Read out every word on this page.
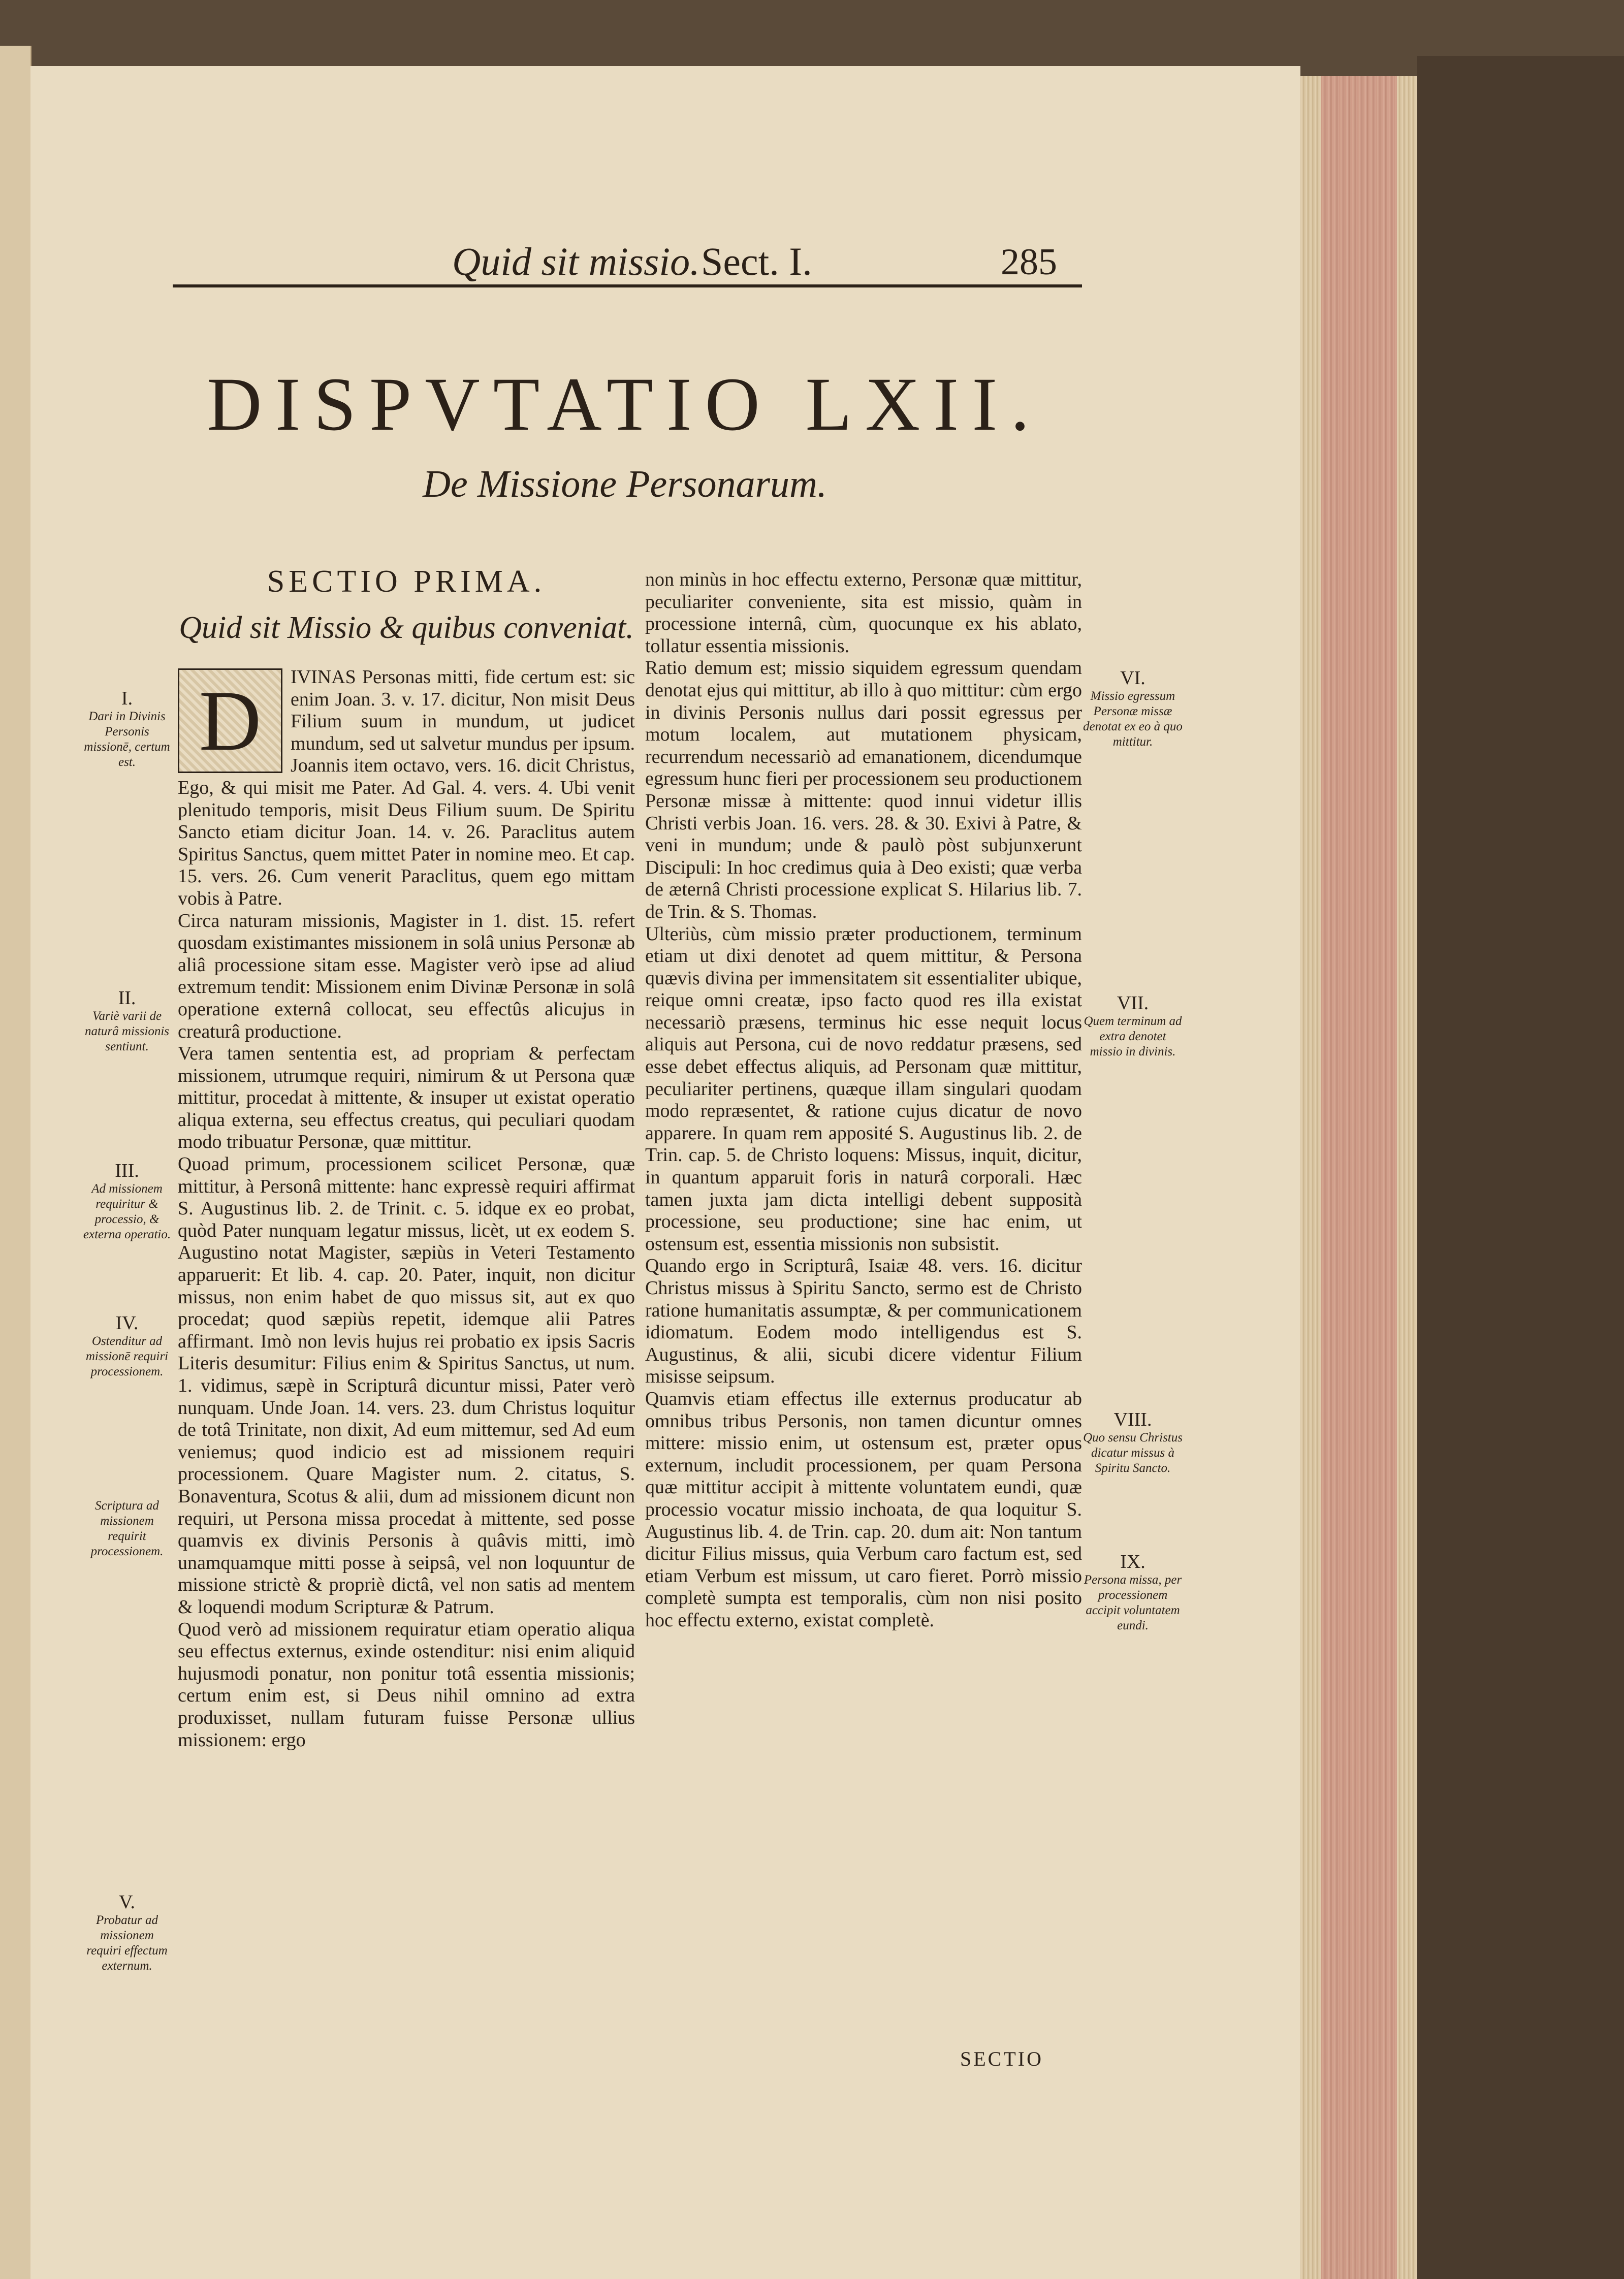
Quid sit missio. Sect. I.	285
DISPVTATIO LXII.
De Missione Personarum.

SECTIO PRIMA.

Quid sit Missio & quibus conveniat.

D	IVINAS Personas mitti, fide certum est: sic enim Joan. 3. v. 17. dicitur, Non misit Deus Filium suum in mundum, ut judicet mundum, sed ut salvetur mundus per ipsum. Joannis item octavo, vers. 16. dicit Christus, Ego, & qui misit me Pater. Ad Gal. 4. vers. 4. Ubi venit plenitudo temporis, misit Deus Filium suum. De Spiritu Sancto etiam dicitur Joan. 14. v. 26. Paraclitus autem Spiritus Sanctus, quem mittet Pater in nomine meo. Et cap. 15. vers. 26. Cum venerit Paraclitus, quem ego mittam vobis à Patre.

Circa naturam missionis, Magister in 1. dist. 15. refert quosdam existimantes missionem in solâ unius Personæ ab aliâ processione sitam esse. Magister verò ipse ad aliud extremum tendit: Missionem enim Divinæ Personæ in solâ operatione externâ collocat, seu effectûs alicujus in creaturâ productione.

Vera tamen sententia est, ad propriam & perfectam missionem, utrumque requiri, nimirum & ut Persona quæ mittitur, procedat à mittente, & insuper ut existat operatio aliqua externa, seu effectus creatus, qui peculiari quodam modo tribuatur Personæ, quæ mittitur.

Quoad primum, processionem scilicet Personæ, quæ mittitur, à Personâ mittente: hanc expressè requiri affirmat S. Augustinus lib. 2. de Trinit. c. 5. idque ex eo probat, quòd Pater nunquam legatur missus, licèt, ut ex eodem S. Augustino notat Magister, sæpiùs in Veteri Testamento apparuerit: Et lib. 4. cap. 20. Pater, inquit, non dicitur missus, non enim habet de quo missus sit, aut ex quo procedat; quod sæpiùs repetit, idemque alii Patres affirmant. Imò non levis hujus rei probatio ex ipsis Sacris Literis desumitur: Filius enim & Spiritus Sanctus, ut num. 1. vidimus, sæpè in Scripturâ dicuntur missi, Pater verò nunquam. Unde Joan. 14. vers. 23. dum Christus loquitur de totâ Trinitate, non dixit, Ad eum mittemur, sed Ad eum veniemus; quod indicio est ad missionem requiri processionem. Quare Magister num. 2. citatus, S. Bonaventura, Scotus & alii, dum ad missionem dicunt non requiri, ut Persona missa procedat à mittente, sed posse quamvis ex divinis Personis à quâvis mitti, imò unamquamque mitti posse à seipsâ, vel non loquuntur de missione strictè & propriè dictâ, vel non satis ad mentem & loquendi modum Scripturæ & Patrum.

Quod verò ad missionem requiratur etiam operatio aliqua seu effectus externus, exinde ostenditur: nisi enim aliquid hujusmodi ponatur, non ponitur totâ essentia missionis; certum enim est, si Deus nihil omnino ad extra produxisset, nullam futuram fuisse Personæ ullius missionem: ergo

non minùs in hoc effectu externo, Personæ quæ mittitur, peculiariter conveniente, sita est missio, quàm in processione internâ, cùm, quocunque ex his ablato, tollatur essentia missionis.

Ratio demum est; missio siquidem egressum quendam denotat ejus qui mittitur, ab illo à quo mittitur: cùm ergo in divinis Personis nullus dari possit egressus per motum localem, aut mutationem physicam, recurrendum necessariò ad emanationem, dicendumque egressum hunc fieri per processionem seu productionem Personæ missæ à mittente: quod innui videtur illis Christi verbis Joan. 16. vers. 28. & 30. Exivi à Patre, & veni in mundum; unde & paulò pòst subjunxerunt Discipuli: In hoc credimus quia à Deo existi; quæ verba de æternâ Christi processione explicat S. Hilarius lib. 7. de Trin. & S. Thomas.

Ulteriùs, cùm missio præter productionem, terminum etiam ut dixi denotet ad quem mittitur, & Persona quævis divina per immensitatem sit essentialiter ubique, reique omni creatæ, ipso facto quod res illa existat necessariò præsens, terminus hic esse nequit locus aliquis aut Persona, cui de novo reddatur præsens, sed esse debet effectus aliquis, ad Personam quæ mittitur, peculiariter pertinens, quæque illam singulari quodam modo repræsentet, & ratione cujus dicatur de novo apparere. In quam rem apposité S. Augustinus lib. 2. de Trin. cap. 5. de Christo loquens: Missus, inquit, dicitur, in quantum apparuit foris in naturâ corporali. Hæc tamen juxta jam dicta intelligi debent supposità processione, seu productione; sine hac enim, ut ostensum est, essentia missionis non subsistit.

Quando ergo in Scripturâ, Isaiæ 48. vers. 16. dicitur Christus missus à Spiritu Sancto, sermo est de Christo ratione humanitatis assumptæ, & per communicationem idiomatum. Eodem modo intelligendus est S. Augustinus, & alii, sicubi dicere videntur Filium misisse seipsum.

Quamvis etiam effectus ille externus producatur ab omnibus tribus Personis, non tamen dicuntur omnes mittere: missio enim, ut ostensum est, præter opus externum, includit processionem, per quam Persona quæ mittitur accipit à mittente voluntatem eundi, quæ processio vocatur missio inchoata, de qua loquitur S. Augustinus lib. 4. de Trin. cap. 20. dum ait: Non tantum dicitur Filius missus, quia Verbum caro factum est, sed etiam Verbum est missum, ut caro fieret. Porrò missio completè sumpta est temporalis, cùm non nisi posito hoc effectu externo, existat completè.

I.
Dari in Divinis Personis missionē, certum est.
II.
Variè varii de naturâ missionis sentiunt.
III.
Ad missionem requiritur & processio, & externa operatio.
IV.
Ostenditur ad missionē requiri processionem.
Scriptura ad missionem requirit processionem.
V.
Probatur ad missionem requiri effectum externum.
VI.
Missio egressum Personæ missæ denotat ex eo à quo mittitur.
VII.
Quem terminum ad extra denotet missio in divinis.
VIII.
Quo sensu Christus dicatur missus à Spiritu Sancto.
IX.
Persona missa, per processionem accipit voluntatem eundi.
SECTIO
